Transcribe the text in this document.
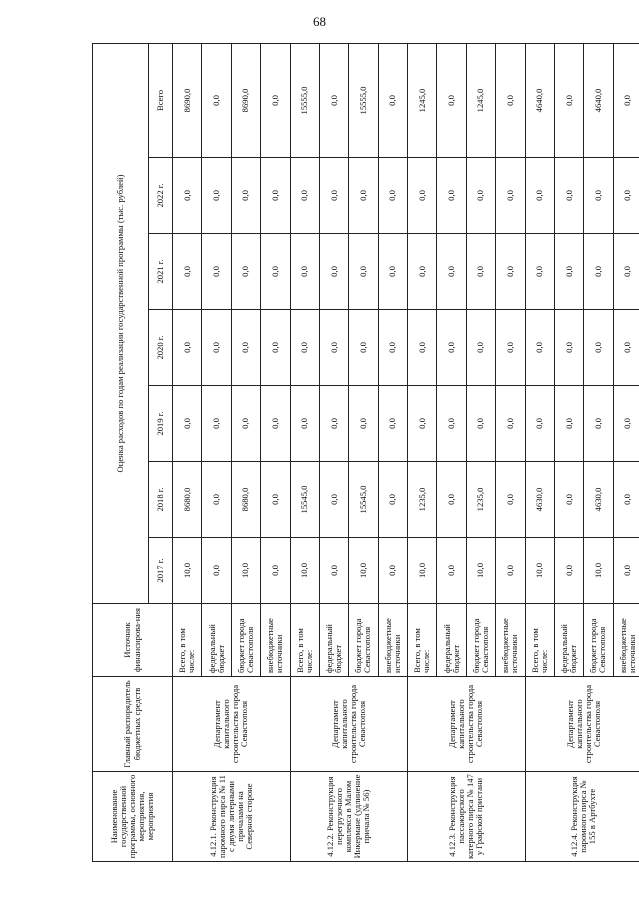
68
Наименование государственной программы, основного мероприятия, мероприятия	Главный распорядитель бюджетных средств	Источник финансирова-ния	Оценка расходов по годам реализации государственной программы (тыс. рублей)						
			2017 г.	2018 г.	2019 г.	2020 г.	2021 г.	2022 г.	Всего
4.12.1. Реконструкция паромного пирса № 11 с двумя литерными причалами на Северной стороне	Департамент капитального строительства города Севастополя	Всего, в том числе:	10,0	8680,0	0,0	0,0	0,0	0,0	8690,0
		федеральный бюджет	0,0	0,0	0,0	0,0	0,0	0,0	0,0
		бюджет города Севастополя	10,0	8680,0	0,0	0,0	0,0	0,0	8690,0
		внебюджетные источники	0,0	0,0	0,0	0,0	0,0	0,0	0,0
4.12.2. Реконструкция перегрузочного комплекса в Малом Инкермане (удлинение причала № 56)	Департамент капитального строительства города Севастополя	Всего, в том числе:	10,0	15545,0	0,0	0,0	0,0	0,0	15555,0
		федеральный бюджет	0,0	0,0	0,0	0,0	0,0	0,0	0,0
		бюджет города Севастополя	10,0	15545,0	0,0	0,0	0,0	0,0	15555,0
		внебюджетные источники	0,0	0,0	0,0	0,0	0,0	0,0	0,0
4.12.3. Реконструкция пассажирского катерного пирса № 147 у Графской пристани	Департамент капитального строительства города Севастополя	Всего, в том числе:	10,0	1235,0	0,0	0,0	0,0	0,0	1245,0
		федеральный бюджет	0,0	0,0	0,0	0,0	0,0	0,0	0,0
		бюджет города Севастополя	10,0	1235,0	0,0	0,0	0,0	0,0	1245,0
		внебюджетные источники	0,0	0,0	0,0	0,0	0,0	0,0	0,0
4.12.4. Реконструкция паромного пирса № 155 в Артбухте	Департамент капитального строительства города Севастополя	Всего, в том числе:	10,0	4630,0	0,0	0,0	0,0	0,0	4640,0
		федеральный бюджет	0,0	0,0	0,0	0,0	0,0	0,0	0,0
		бюджет города Севастополя	10,0	4630,0	0,0	0,0	0,0	0,0	4640,0
		внебюджетные источники	0,0	0,0	0,0	0,0	0,0	0,0	0,0
